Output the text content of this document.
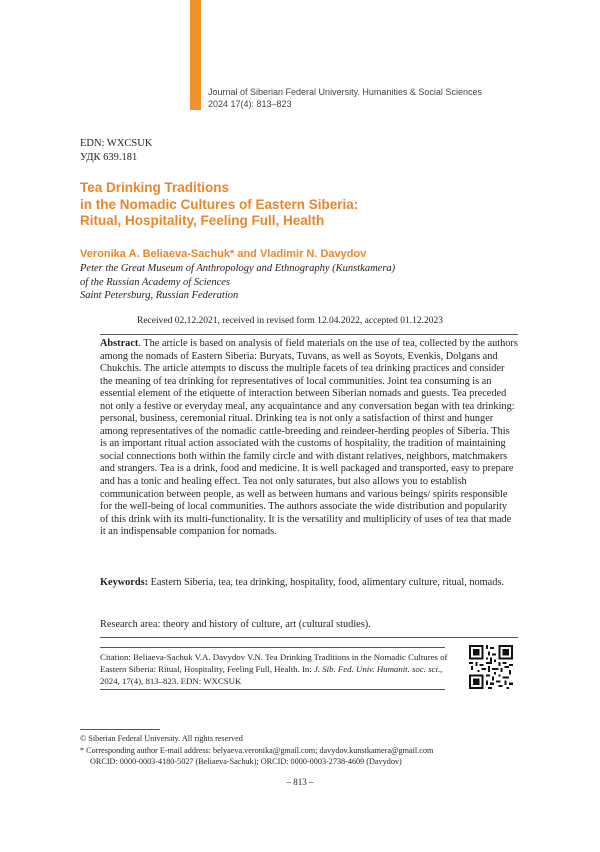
Journal of Siberian Federal University. Humanities & Social Sciences
2024 17(4): 813–823
EDN: WXCSUK
УДК 639.181
Tea Drinking Traditions
in the Nomadic Cultures of Eastern Siberia:
Ritual, Hospitality, Feeling Full, Health
Veronika A. Beliaeva-Sachuk* and Vladimir N. Davydov
Peter the Great Museum of Anthropology and Ethnography (Kunstkamera)
of the Russian Academy of Sciences
Saint Petersburg, Russian Federation
Received 02.12.2021, received in revised form 12.04.2022, accepted 01.12.2023
Abstract. The article is based on analysis of field materials on the use of tea, collected by the authors among the nomads of Eastern Siberia: Buryats, Tuvans, as well as Soyots, Evenkis, Dolgans and Chukchis. The article attempts to discuss the multiple facets of tea drinking practices and consider the meaning of tea drinking for representatives of local communities. Joint tea consuming is an essential element of the etiquette of interaction between Siberian nomads and guests. Tea preceded not only a festive or everyday meal, any acquaintance and any conversation began with tea drinking: personal, business, ceremonial ritual. Drinking tea is not only a satisfaction of thirst and hunger among representatives of the nomadic cattle-breeding and reindeer-herding peoples of Siberia. This is an important ritual action associated with the customs of hospitality, the tradition of maintaining social connections both within the family circle and with distant relatives, neighbors, matchmakers and strangers. Tea is a drink, food and medicine. It is well packaged and transported, easy to prepare and has a tonic and healing effect. Tea not only saturates, but also allows you to establish communication between people, as well as between humans and various beings/ spirits responsible for the well-being of local communities. The authors associate the wide distribution and popularity of this drink with its multi-functionality. It is the versatility and multiplicity of uses of tea that made it an indispensable companion for nomads.
Keywords: Eastern Siberia, tea, tea drinking, hospitality, food, alimentary culture, ritual, nomads.
Research area: theory and history of culture, art (cultural studies).
Citation: Beliaeva-Sachuk V.A. Davydov V.N. Tea Drinking Traditions in the Nomadic Cultures of Eastern Siberia: Ritual, Hospitality, Feeling Full, Health. In: J. Sib. Fed. Univ. Humanit. soc. sci., 2024, 17(4), 813–823. EDN: WXCSUK
© Siberian Federal University. All rights reserved
* Corresponding author E-mail address: belyaeva.veronika@gmail.com; davydov.kunstkamera@gmail.com
ORCID: 0000-0003-4180-5027 (Beliaeva-Sachuk); ORCID: 0000-0003-2738-4609 (Davydov)
– 813 –
